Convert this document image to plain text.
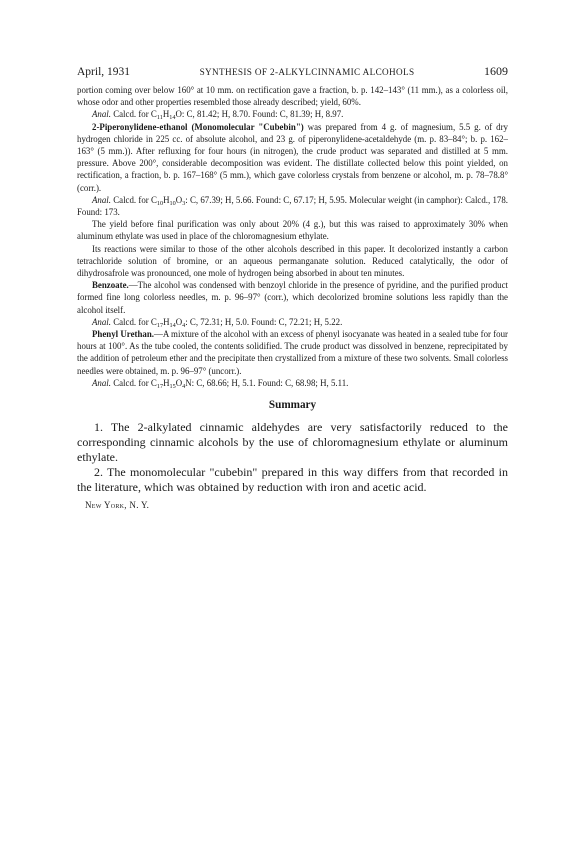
April, 1931	SYNTHESIS OF 2-ALKYLCINNAMIC ALCOHOLS	1609

portion coming over below 160° at 10 mm. on rectification gave a fraction, b. p. 142–143° (11 mm.), as a colorless oil, whose odor and other properties resembled those already described; yield, 60%.

Anal. Calcd. for $C_{11}H_{14}O$: C, 81.42; H, 8.70. Found: C, 81.39; H, 8.97.

2-Piperonylidene-ethanol (Monomolecular "Cubebin") was prepared from 4 g. of magnesium, 5.5 g. of dry hydrogen chloride in 225 cc. of absolute alcohol, and 23 g. of piperonylidene-acetaldehyde (m. p. 83–84°; b. p. 162–163° (5 mm.)). After refluxing for four hours (in nitrogen), the crude product was separated and distilled at 5 mm. pressure. Above 200°, considerable decomposition was evident. The distillate collected below this point yielded, on rectification, a fraction, b. p. 167–168° (5 mm.), which gave colorless crystals from benzene or alcohol, m. p. 78–78.8° (corr.).

Anal. Calcd. for $C_{10}H_{10}O_3$: C, 67.39; H, 5.66. Found: C, 67.17; H, 5.95. Molecular weight (in camphor): Calcd., 178. Found: 173.

The yield before final purification was only about 20% (4 g.), but this was raised to approximately 30% when aluminum ethylate was used in place of the chloromagnesium ethylate.

Its reactions were similar to those of the other alcohols described in this paper. It decolorized instantly a carbon tetrachloride solution of bromine, or an aqueous permanganate solution. Reduced catalytically, the odor of dihydrosafrole was pronounced, one mole of hydrogen being absorbed in about ten minutes.

Benzoate.—The alcohol was condensed with benzoyl chloride in the presence of pyridine, and the purified product formed fine long colorless needles, m. p. 96–97° (corr.), which decolorized bromine solutions less rapidly than the alcohol itself.

Anal. Calcd. for $C_{17}H_{14}O_4$: C, 72.31; H, 5.0. Found: C, 72.21; H, 5.22.

Phenyl Urethan.—A mixture of the alcohol with an excess of phenyl isocyanate was heated in a sealed tube for four hours at 100°. As the tube cooled, the contents solidified. The crude product was dissolved in benzene, reprecipitated by the addition of petroleum ether and the precipitate then crystallized from a mixture of these two solvents. Small colorless needles were obtained, m. p. 96–97° (uncorr.).

Anal. Calcd. for $C_{17}H_{15}O_4N$: C, 68.66; H, 5.1. Found: C, 68.98; H, 5.11.

Summary

1. The 2-alkylated cinnamic aldehydes are very satisfactorily reduced to the corresponding cinnamic alcohols by the use of chloromagnesium ethylate or aluminum ethylate.

2. The monomolecular "cubebin" prepared in this way differs from that recorded in the literature, which was obtained by reduction with iron and acetic acid.

New York, N. Y.
